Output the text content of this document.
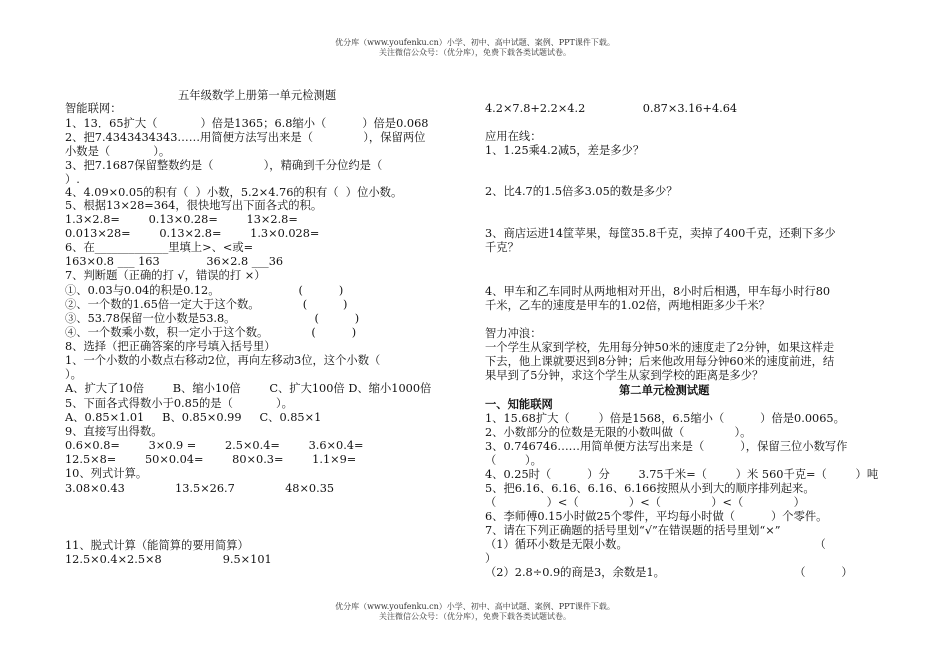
优分库（www.youfenku.cn）小学、初中、高中试题、案例、PPT课件下载。
关注微信公众号：（优分库），免费下载各类试题试卷。
五年级数学上册第一单元检测题
智能联网：
1、13．65扩大（            ）倍是1365；6.8缩小（          ）倍是0.068
2、把7.4343434343……用简便方法写出来是（              ），保留两位
小数是（            ）。
3、把7.1687保留整数约是（              ），精确到千分位约是（
）.
4、4.09×0.05的积有（  ）小数，5.2×4.76的积有（  ）位小数。
5、根据13×28=364，很快地写出下面各式的积。
1.3×2.8=        0.13×0.28=        13×2.8=
0.013×28=        0.13×2.8=        1.3×0.028=
6、在_____________里填上>、<或=
163×0.8 ___ 163             36×2.8 ___36
7、判断题（正确的打 √，错误的打 ×）
①、0.03与0.04的积是0.12。                      (          )
②、一个数的1.65倍一定大于这个数。            (          )
③、53.78保留一位小数是53.8。                      (          )
④、一个数乘小数，积一定小于这个数。            (          )
8、选择（把正确答案的序号填入括号里）
1、一个小数的小数点右移动2位，再向左移动3位，这个小数（
）。
A、扩大了10倍        B、缩小10倍        C、扩大100倍 D、缩小1000倍
5、下面各式得数小于0.85的是（            ）。
A、0.85×1.01     B、0.85×0.99     C、0.85×1
9、直接写出得数。
0.6×0.8=        3×0.9 =        2.5×0.4=        3.6×0.4=
12.5×8=        50×0.04=        80×0.3=        1.1×9=
10、列式计算。
3.08×0.43              13.5×26.7              48×0.35
11、脱式计算（能简算的要用简算）
12.5×0.4×2.5×8                 9.5×101
4.2×7.8+2.2×4.2                0.87×3.16+4.64
应用在线：
1、1.25乘4.2减5，差是多少？
2、比4.7的1.5倍多3.05的数是多少？
3、商店运进14筐苹果，每筐35.8千克，卖掉了400千克，还剩下多少
千克？
4、甲车和乙车同时从两地相对开出，8小时后相遇，甲车每小时行80
千米，乙车的速度是甲车的1.02倍，两地相距多少千米？
智力冲浪：
一个学生从家到学校，先用每分钟50米的速度走了2分钟，如果这样走
下去，他上课就要迟到8分钟；后来他改用每分钟60米的速度前进，结
果早到了5分钟，求这个学生从家到学校的距离是多少？
第二单元检测试题
一、知能联网
1、15.68扩大（        ）倍是1568，6.5缩小（          ）倍是0.0065。
2、小数部分的位数是无限的小数叫做（              ）。
3、0.746746……用简单便方法写出来是（          ），保留三位小数写作
（        ）。
4、0.25时（          ）分        3.75千米=（        ）米 560千克=（        ）吨
5、把6.16、6.16、6.16、6.166按照从小到大的顺序排列起来。
（              ）<（              ）<（              ）<（              ）
6、李师傅0.15小时做25个零件，平均每小时做（          ）个零件。
7、请在下列正确题的括号里划“√”在错误题的括号里划“×”
（1）循环小数是无限小数。                                                    （
）
（2）2.8÷0.9的商是3，余数是1。                                    （          ）
优分库（www.youfenku.cn）小学、初中、高中试题、案例、PPT课件下载。
关注微信公众号：（优分库），免费下载各类试题试卷。
